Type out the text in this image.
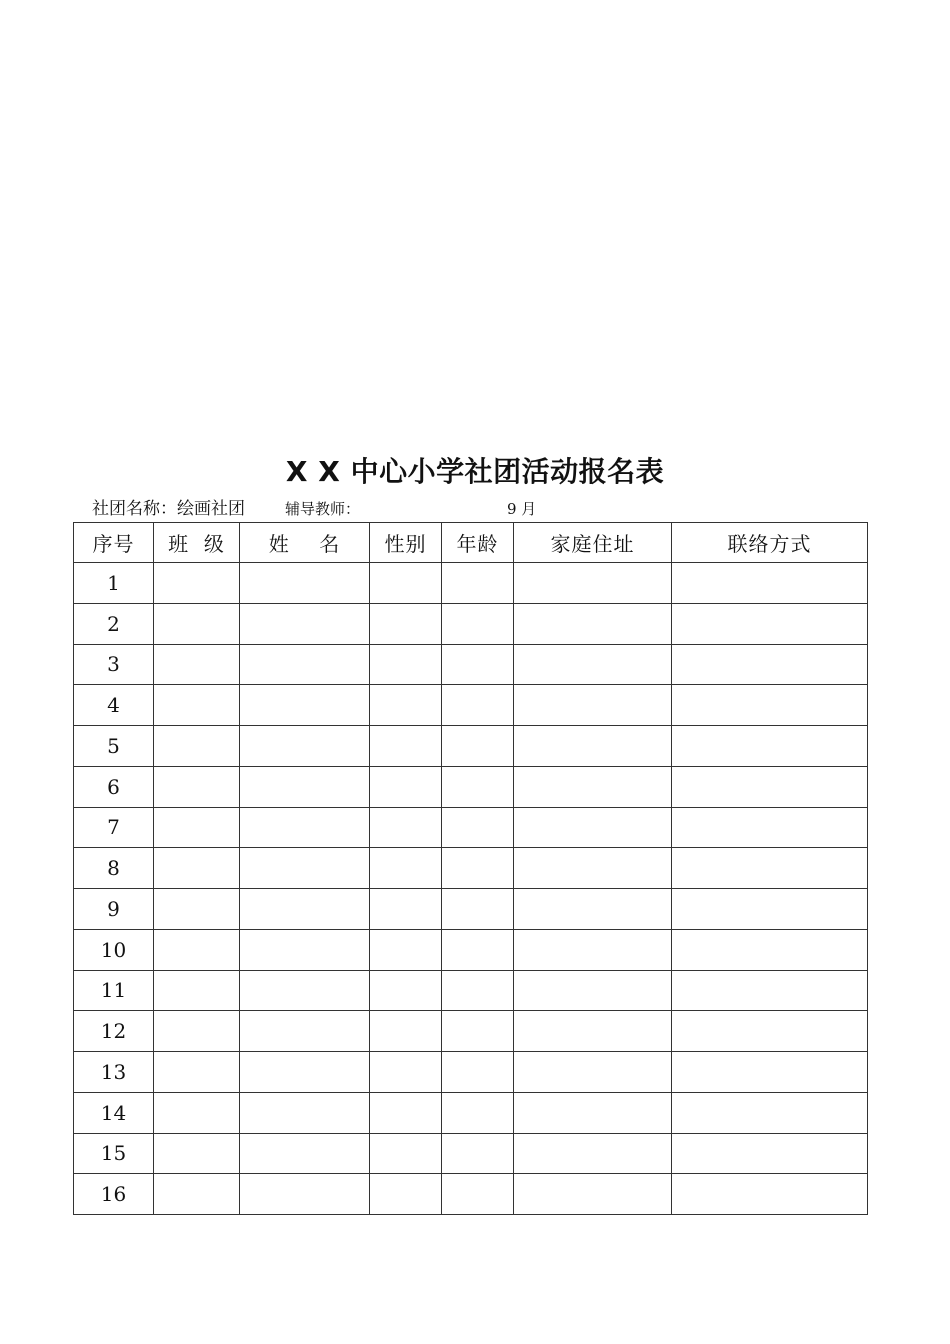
X X 中心小学社团活动报名表
社团名称：绘画社团	辅导教师：	9 月
序号	班  级	姓    名	性别	年龄	家庭住址	联络方式
1						
2						
3						
4						
5						
6						
7						
8						
9						
10						
11						
12						
13						
14						
15						
16						
